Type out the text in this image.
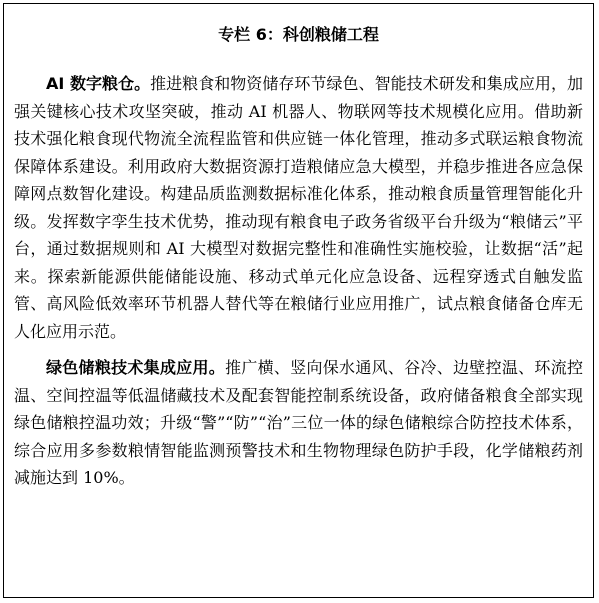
专栏 6：科创粮储工程

AI 数字粮仓。推进粮食和物资储存环节绿色、智能技术研发和集成应用，加强关键核心技术攻坚突破，推动 AI 机器人、物联网等技术规模化应用。借助新技术强化粮食现代物流全流程监管和供应链一体化管理，推动多式联运粮食物流保障体系建设。利用政府大数据资源打造粮储应急大模型，并稳步推进各应急保障网点数智化建设。构建品质监测数据标准化体系，推动粮食质量管理智能化升级。发挥数字孪生技术优势，推动现有粮食电子政务省级平台升级为“粮储云”平台，通过数据规则和 AI 大模型对数据完整性和准确性实施校验，让数据“活”起来。探索新能源供能储能设施、移动式单元化应急设备、远程穿透式自触发监管、高风险低效率环节机器人替代等在粮储行业应用推广，试点粮食储备仓库无人化应用示范。

绿色储粮技术集成应用。推广横、竖向保水通风、谷冷、边壁控温、环流控温、空间控温等低温储藏技术及配套智能控制系统设备，政府储备粮食全部实现绿色储粮控温功效；升级“警”“防”“治”三位一体的绿色储粮综合防控技术体系，综合应用多参数粮情智能监测预警技术和生物物理绿色防护手段，化学储粮药剂减施达到 10%。
